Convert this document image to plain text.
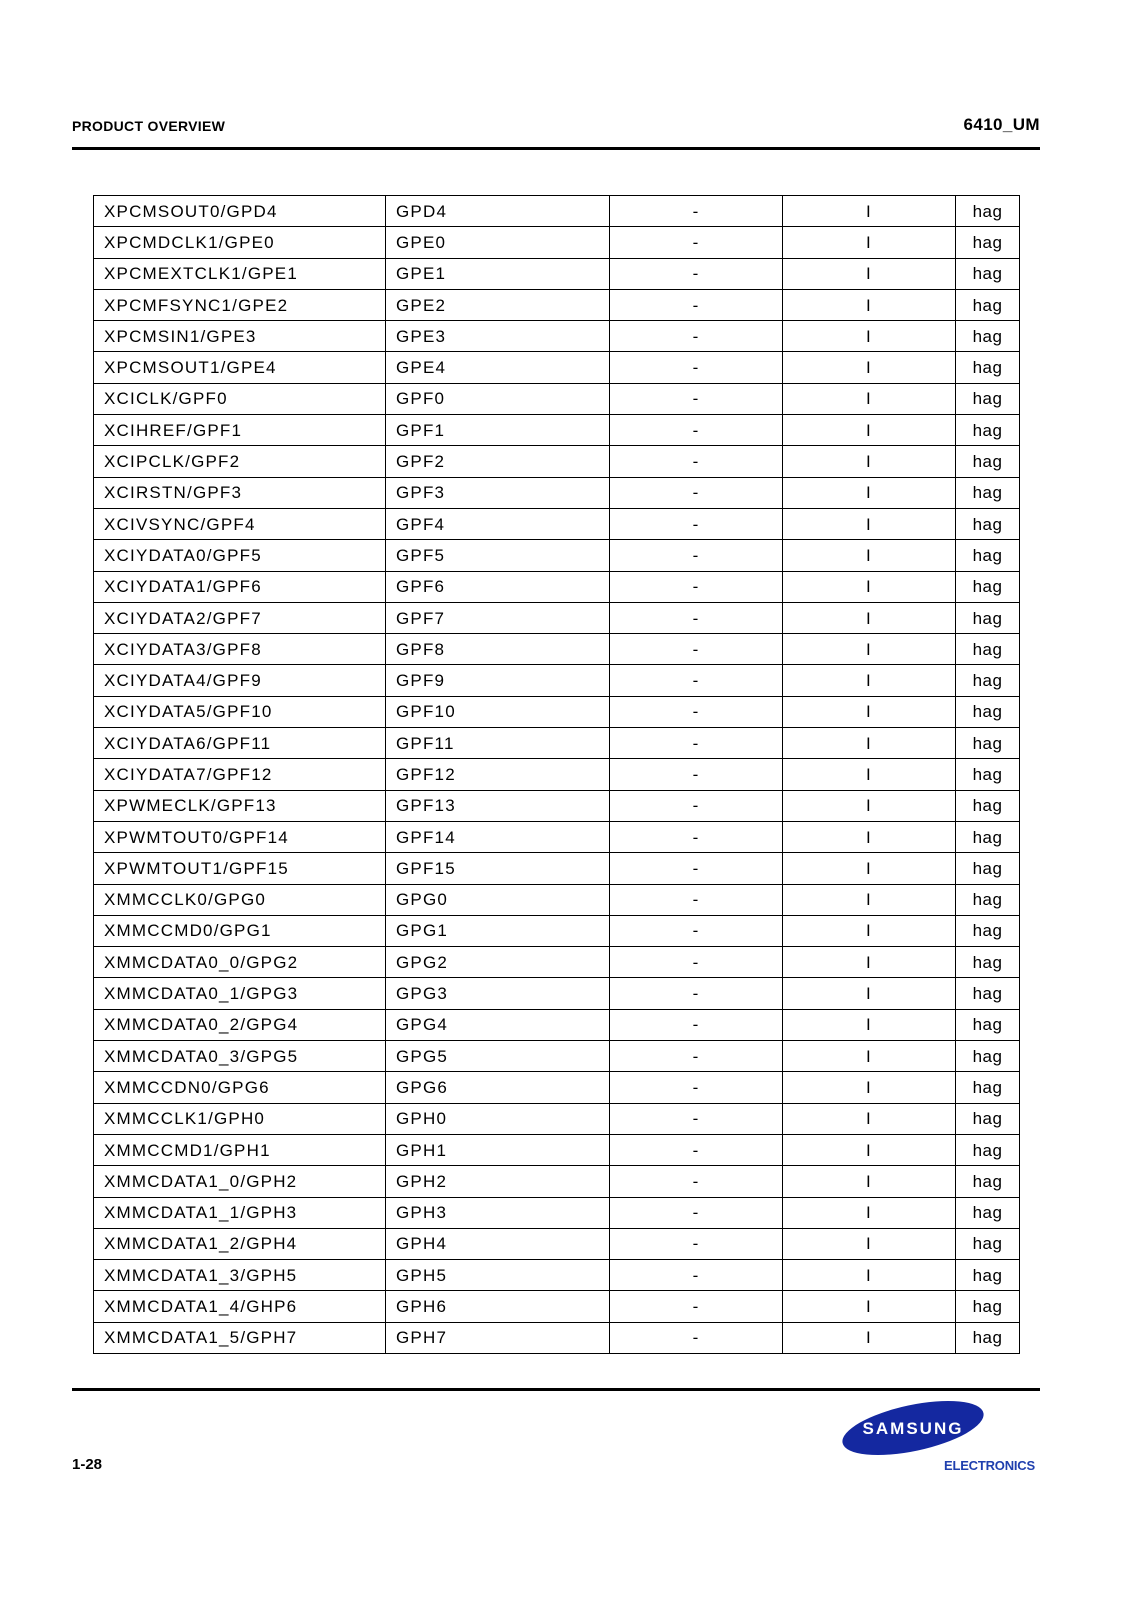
PRODUCT OVERVIEW	6410_UM
XPCMSOUT0/GPD4	GPD4	-	I	hag
XPCMDCLK1/GPE0	GPE0	-	I	hag
XPCMEXTCLK1/GPE1	GPE1	-	I	hag
XPCMFSYNC1/GPE2	GPE2	-	I	hag
XPCMSIN1/GPE3	GPE3	-	I	hag
XPCMSOUT1/GPE4	GPE4	-	I	hag
XCICLK/GPF0	GPF0	-	I	hag
XCIHREF/GPF1	GPF1	-	I	hag
XCIPCLK/GPF2	GPF2	-	I	hag
XCIRSTN/GPF3	GPF3	-	I	hag
XCIVSYNC/GPF4	GPF4	-	I	hag
XCIYDATA0/GPF5	GPF5	-	I	hag
XCIYDATA1/GPF6	GPF6	-	I	hag
XCIYDATA2/GPF7	GPF7	-	I	hag
XCIYDATA3/GPF8	GPF8	-	I	hag
XCIYDATA4/GPF9	GPF9	-	I	hag
XCIYDATA5/GPF10	GPF10	-	I	hag
XCIYDATA6/GPF11	GPF11	-	I	hag
XCIYDATA7/GPF12	GPF12	-	I	hag
XPWMECLK/GPF13	GPF13	-	I	hag
XPWMTOUT0/GPF14	GPF14	-	I	hag
XPWMTOUT1/GPF15	GPF15	-	I	hag
XMMCCLK0/GPG0	GPG0	-	I	hag
XMMCCMD0/GPG1	GPG1	-	I	hag
XMMCDATA0_0/GPG2	GPG2	-	I	hag
XMMCDATA0_1/GPG3	GPG3	-	I	hag
XMMCDATA0_2/GPG4	GPG4	-	I	hag
XMMCDATA0_3/GPG5	GPG5	-	I	hag
XMMCCDN0/GPG6	GPG6	-	I	hag
XMMCCLK1/GPH0	GPH0	-	I	hag
XMMCCMD1/GPH1	GPH1	-	I	hag
XMMCDATA1_0/GPH2	GPH2	-	I	hag
XMMCDATA1_1/GPH3	GPH3	-	I	hag
XMMCDATA1_2/GPH4	GPH4	-	I	hag
XMMCDATA1_3/GPH5	GPH5	-	I	hag
XMMCDATA1_4/GHP6	GPH6	-	I	hag
XMMCDATA1_5/GPH7	GPH7	-	I	hag
1-28
SAMSUNG
ELECTRONICS
